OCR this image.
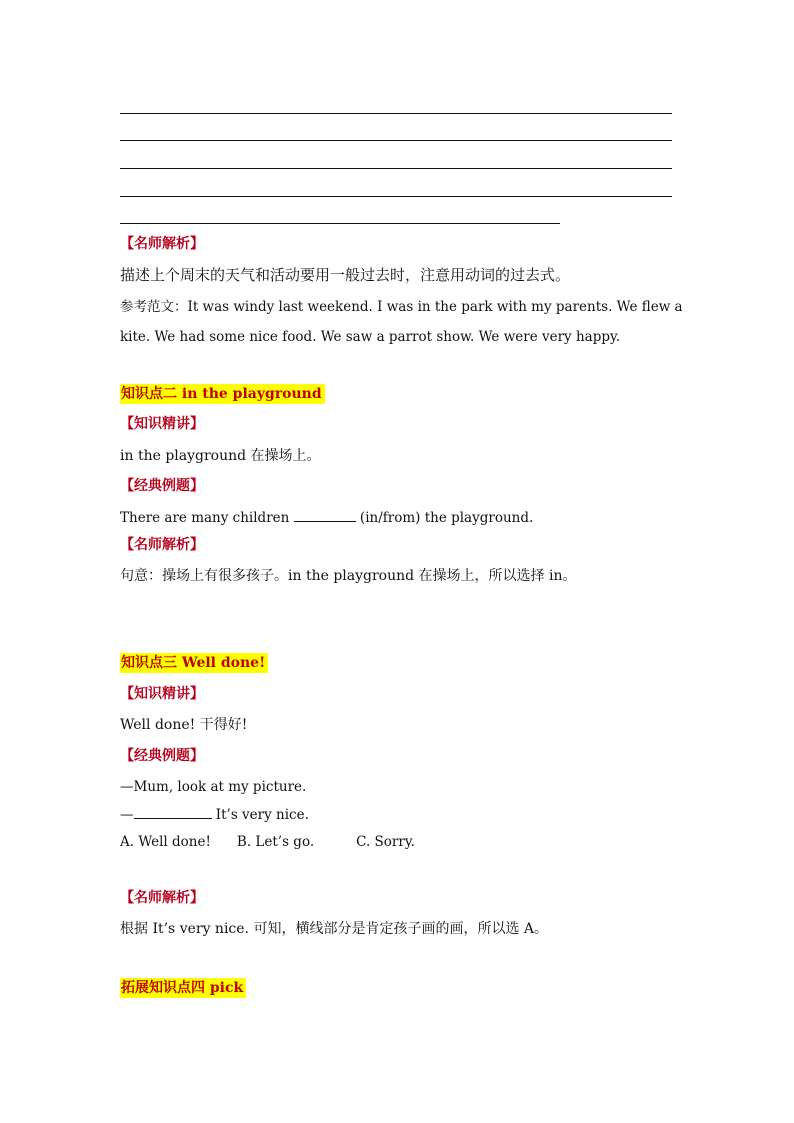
【名师解析】
描述上个周末的天气和活动要用一般过去时，注意用动词的过去式。
参考范文：It was windy last weekend. I was in the park with my parents. We flew a
kite. We had some nice food. We saw a parrot show. We were very happy.
知识点二 in the playground
【知识精讲】
in the playground 在操场上。
【经典例题】
There are many children	(in/from) the playground.
【名师解析】
句意：操场上有很多孩子。in the playground 在操场上，所以选择 in。
知识点三 Well done!
【知识精讲】
Well done! 干得好!
【经典例题】
—Mum, look at my picture.
—	It’s very nice.
A. Well done! B. Let’s go.	C. Sorry.
【名师解析】
根据 It’s very nice. 可知，横线部分是肯定孩子画的画，所以选 A。
拓展知识点四 pick
